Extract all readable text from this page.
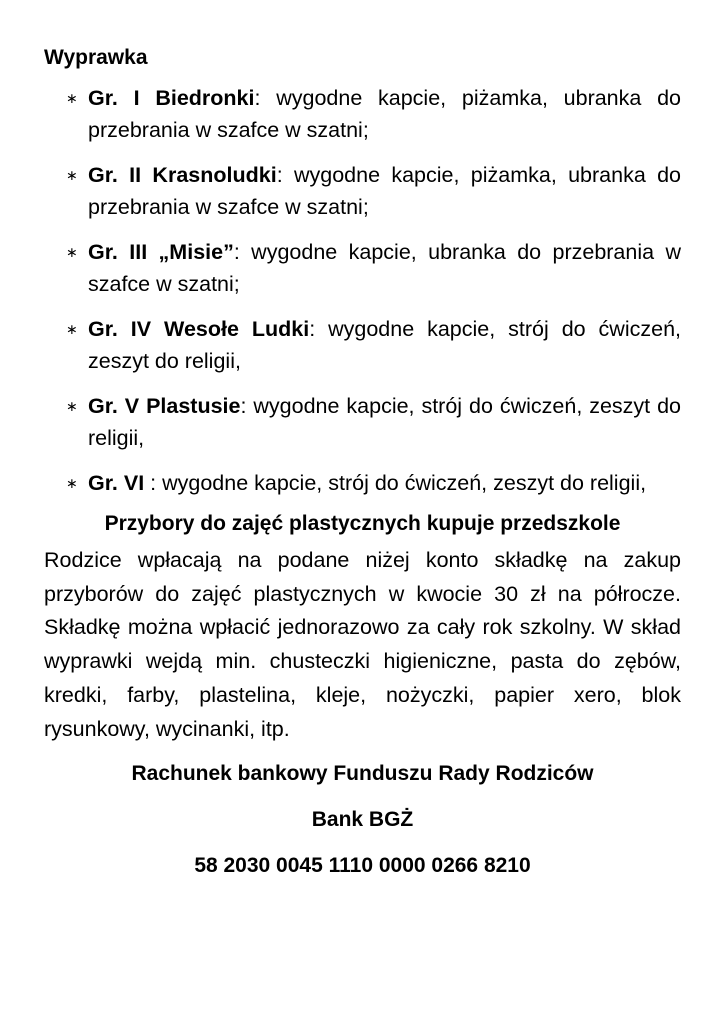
Wyprawka
∗ Gr. I Biedronki: wygodne kapcie, piżamka, ubranka do przebrania w szafce w szatni;
∗ Gr. II Krasnoludki: wygodne kapcie, piżamka, ubranka do przebrania w szafce w szatni;
∗ Gr. III „Misie”: wygodne kapcie, ubranka do przebrania w szafce w szatni;
∗ Gr. IV Wesołe Ludki: wygodne kapcie, strój do ćwiczeń, zeszyt do religii,
∗ Gr. V Plastusie: wygodne kapcie, strój do ćwiczeń, zeszyt do religii,
∗ Gr. VI : wygodne kapcie, strój do ćwiczeń, zeszyt do religii,
Przybory do zajęć plastycznych kupuje przedszkole

Rodzice wpłacają na podane niżej konto składkę na zakup przyborów do zajęć plastycznych w kwocie 30 zł na półrocze. Składkę można wpłacić jednorazowo za cały rok szkolny. W skład wyprawki wejdą min. chusteczki higieniczne, pasta do zębów, kredki, farby, plastelina, kleje, nożyczki, papier xero, blok rysunkowy, wycinanki, itp.

Rachunek bankowy Funduszu Rady Rodziców

Bank BGŻ

58 2030 0045 1110 0000 0266 8210
